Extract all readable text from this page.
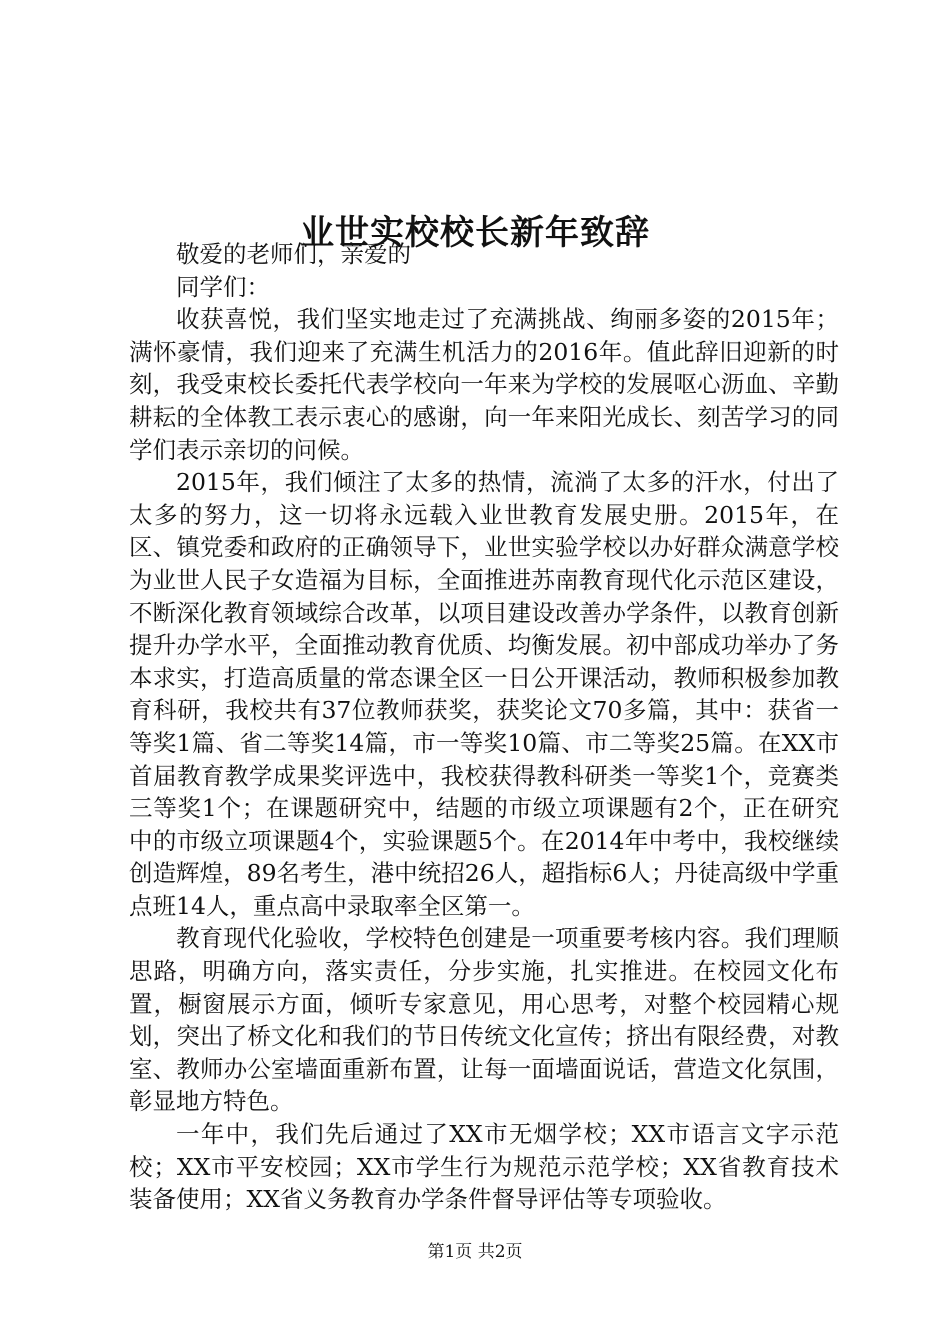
业世实校校长新年致辞

敬爱的老师们，亲爱的

同学们：

收获喜悦，我们坚实地走过了充满挑战、绚丽多姿的2015年；满怀豪情，我们迎来了充满生机活力的2016年。值此辞旧迎新的时刻，我受束校长委托代表学校向一年来为学校的发展呕心沥血、辛勤耕耘的全体教工表示衷心的感谢，向一年来阳光成长、刻苦学习的同学们表示亲切的问候。

2015年，我们倾注了太多的热情，流淌了太多的汗水，付出了太多的努力，这一切将永远载入业世教育发展史册。2015年，在区、镇党委和政府的正确领导下，业世实验学校以办好群众满意学校为业世人民子女造福为目标，全面推进苏南教育现代化示范区建设，不断深化教育领域综合改革，以项目建设改善办学条件，以教育创新提升办学水平，全面推动教育优质、均衡发展。初中部成功举办了务本求实，打造高质量的常态课全区一日公开课活动，教师积极参加教育科研，我校共有37位教师获奖，获奖论文70多篇，其中：获省一等奖1篇、省二等奖14篇，市一等奖10篇、市二等奖25篇。在XX市首届教育教学成果奖评选中，我校获得教科研类一等奖1个，竞赛类三等奖1个；在课题研究中，结题的市级立项课题有2个，正在研究中的市级立项课题4个，实验课题5个。在2014年中考中，我校继续创造辉煌，89名考生，港中统招26人，超指标6人；丹徒高级中学重点班14人，重点高中录取率全区第一。

教育现代化验收，学校特色创建是一项重要考核内容。我们理顺思路，明确方向，落实责任，分步实施，扎实推进。在校园文化布置，橱窗展示方面，倾听专家意见，用心思考，对整个校园精心规划，突出了桥文化和我们的节日传统文化宣传；挤出有限经费，对教室、教师办公室墙面重新布置，让每一面墙面说话，营造文化氛围，彰显地方特色。

一年中，我们先后通过了XX市无烟学校；XX市语言文字示范校；XX市平安校园；XX市学生行为规范示范学校；XX省教育技术装备使用；XX省义务教育办学条件督导评估等专项验收。

第1页 共2页
